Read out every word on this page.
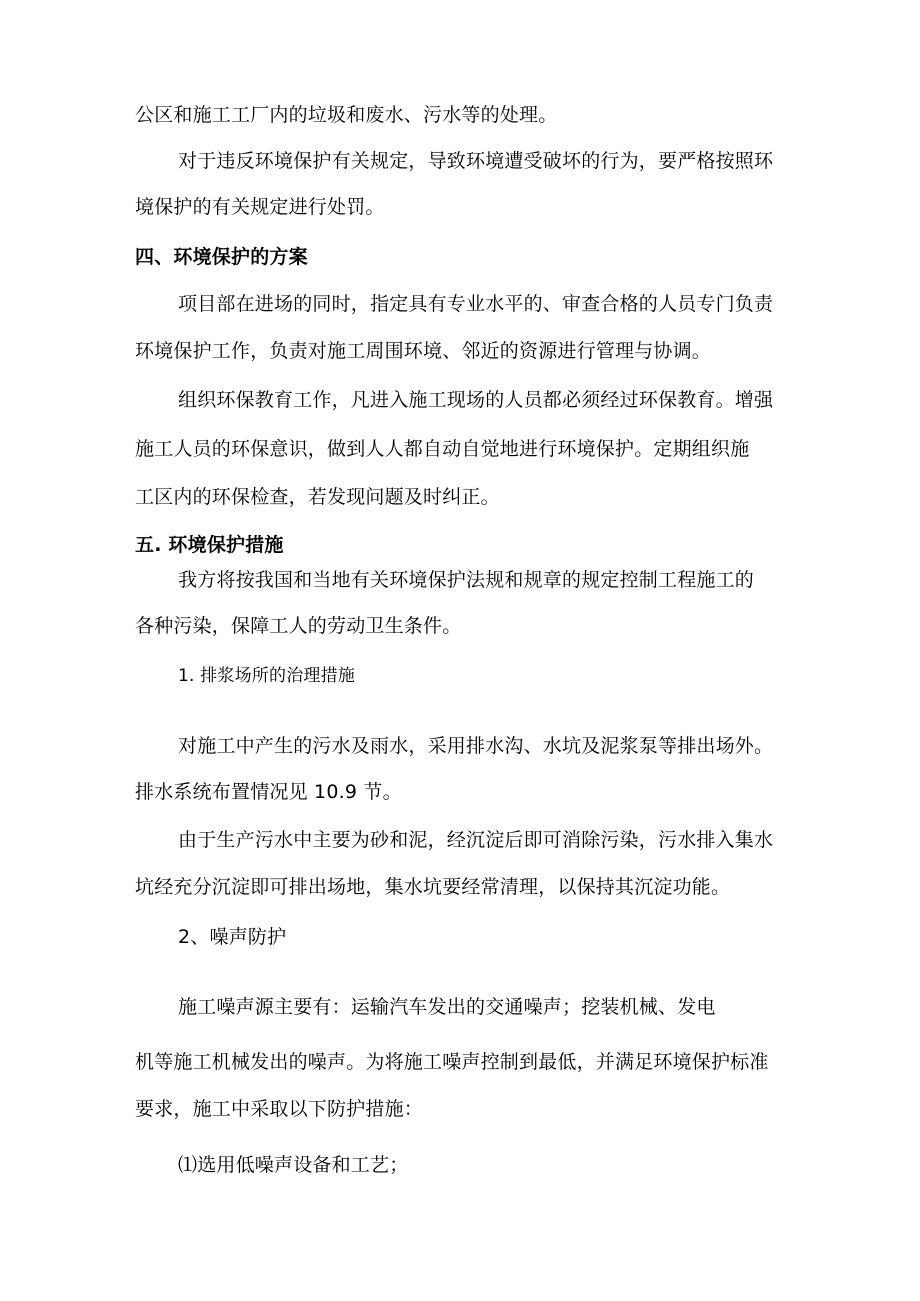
公区和施工工厂内的垃圾和废水、污水等的处理。
对于违反环境保护有关规定，导致环境遭受破坏的行为，要严格按照环
境保护的有关规定进行处罚。
四、环境保护的方案
项目部在进场的同时，指定具有专业水平的、审查合格的人员专门负责
环境保护工作，负责对施工周围环境、邻近的资源进行管理与协调。
组织环保教育工作，凡进入施工现场的人员都必须经过环保教育。增强
施工人员的环保意识，做到人人都自动自觉地进行环境保护。定期组织施
工区内的环保检查，若发现问题及时纠正。
五. 环境保护措施
我方将按我国和当地有关环境保护法规和规章的规定控制工程施工的
各种污染，保障工人的劳动卫生条件。
1. 排浆场所的治理措施
对施工中产生的污水及雨水，采用排水沟、水坑及泥浆泵等排出场外。
排水系统布置情况见 10.9 节。
由于生产污水中主要为砂和泥，经沉淀后即可消除污染，污水排入集水
坑经充分沉淀即可排出场地，集水坑要经常清理，以保持其沉淀功能。
2、噪声防护
施工噪声源主要有：运输汽车发出的交通噪声；挖装机械、发电
机等施工机械发出的噪声。为将施工噪声控制到最低，并满足环境保护标准
要求，施工中采取以下防护措施：
⑴选用低噪声设备和工艺；
